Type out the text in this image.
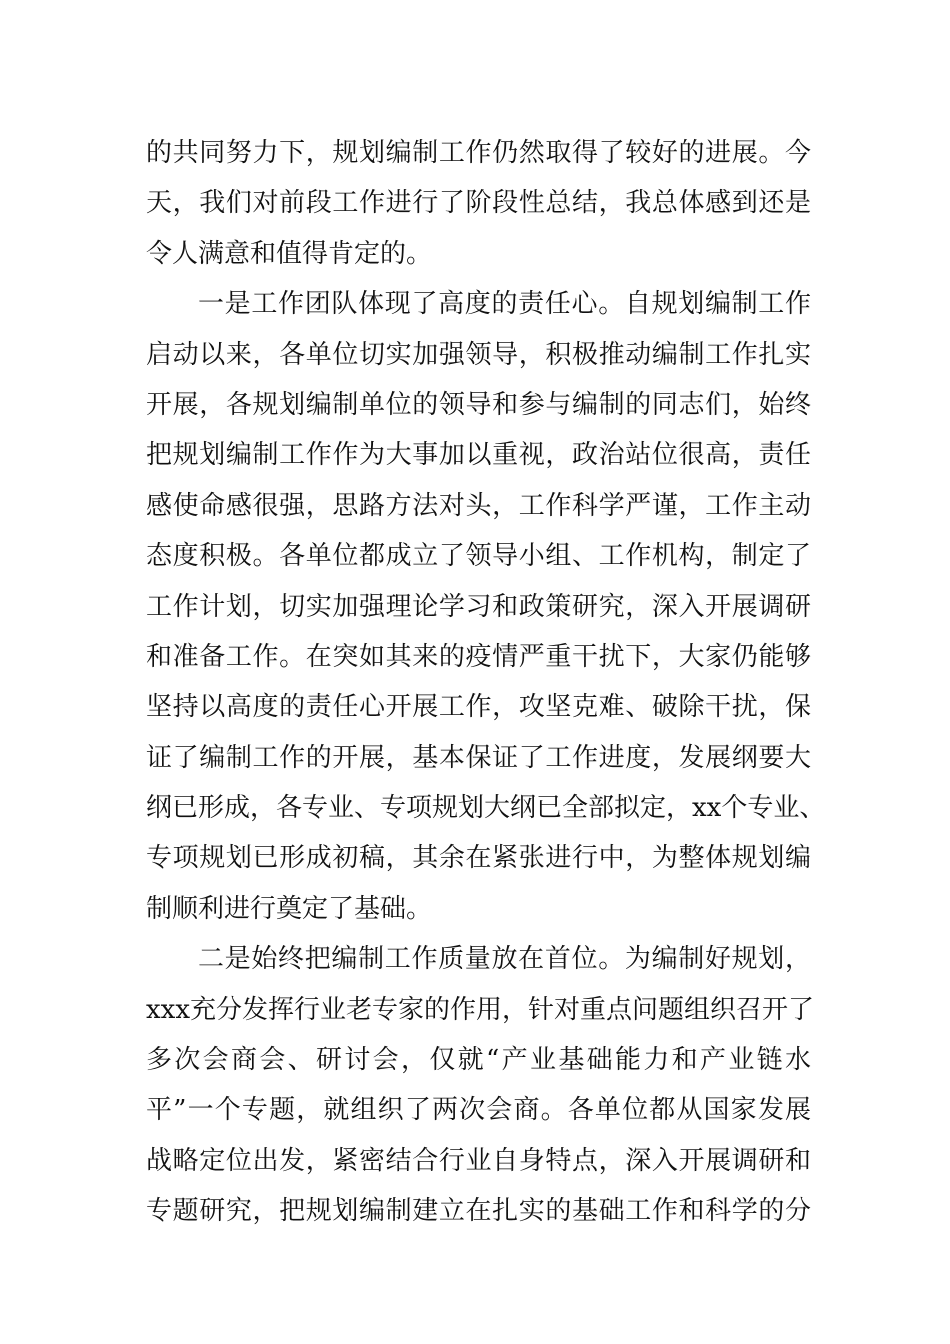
的共同努力下，规划编制工作仍然取得了较好的进展。今
天，我们对前段工作进行了阶段性总结，我总体感到还是
令人满意和值得肯定的。
一是工作团队体现了高度的责任心。自规划编制工作
启动以来，各单位切实加强领导，积极推动编制工作扎实
开展，各规划编制单位的领导和参与编制的同志们，始终
把规划编制工作作为大事加以重视，政治站位很高，责任
感使命感很强，思路方法对头，工作科学严谨，工作主动
态度积极。各单位都成立了领导小组、工作机构，制定了
工作计划，切实加强理论学习和政策研究，深入开展调研
和准备工作。在突如其来的疫情严重干扰下，大家仍能够
坚持以高度的责任心开展工作，攻坚克难、破除干扰，保
证了编制工作的开展，基本保证了工作进度，发展纲要大
纲已形成，各专业、专项规划大纲已全部拟定，xx个专业、
专项规划已形成初稿，其余在紧张进行中，为整体规划编
制顺利进行奠定了基础。
二是始终把编制工作质量放在首位。为编制好规划，
xxx充分发挥行业老专家的作用，针对重点问题组织召开了
多次会商会、研讨会，仅就“产业基础能力和产业链水
平”一个专题，就组织了两次会商。各单位都从国家发展
战略定位出发，紧密结合行业自身特点，深入开展调研和
专题研究，把规划编制建立在扎实的基础工作和科学的分
